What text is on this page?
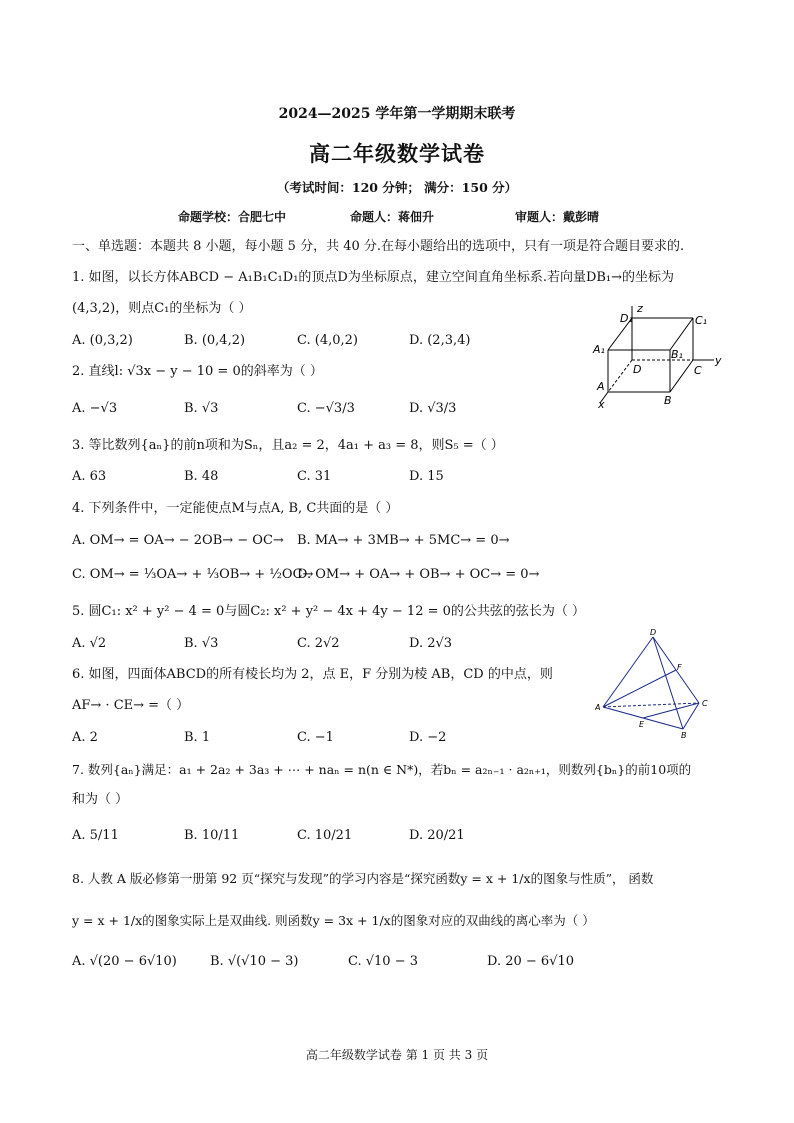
2024—2025 学年第一学期期末联考
高二年级数学试卷
（考试时间：120 分钟； 满分：150 分）
命题学校：合肥七中	命题人：蒋佃升	审题人：戴彭晴
一、单选题：本题共 8 小题，每小题 5 分，共 40 分.在每小题给出的选项中，只有一项是符合题目要求的.
1. 如图，以长方体ABCD − A₁B₁C₁D₁的顶点D为坐标原点，建立空间直角坐标系.若向量DB₁→的坐标为
(4,3,2)，则点C₁的坐标为（ ）
A. (0,3,2)	B. (0,4,2)	C. (4,0,2)	D. (2,3,4)
D₁
z
C₁
A₁	B₁	y
D	C
A
x	B
2. 直线l: √3x − y − 10 = 0的斜率为（ ）
A. −√3	B. √3	C. −√3/3	D. √3/3
3. 等比数列{aₙ}的前n项和为Sₙ，且a₂ = 2，4a₁ + a₃ = 8，则S₅ =（ ）
A. 63	B. 48	C. 31	D. 15
4. 下列条件中，一定能使点M与点A, B, C共面的是（ ）
A. OM→ = OA→ − 2OB→ − OC→ B. MA→ + 3MB→ + 5MC→ = 0→
C. OM→ = ⅓OA→ + ⅓OB→ + ½OC→
D. OM→ + OA→ + OB→ + OC→ = 0→
5. 圆C₁: x² + y² − 4 = 0与圆C₂: x² + y² − 4x + 4y − 12 = 0的公共弦的弦长为（ ）
A. √2	B. √3	C. 2√2	D. 2√3
D
F
A	C
E
B
6. 如图，四面体ABCD的所有棱长均为 2，点 E，F 分别为棱 AB，CD 的中点，则
AF→ · CE→ =（ ）
A. 2	B. 1	C. −1	D. −2
7. 数列{aₙ}满足：a₁ + 2a₂ + 3a₃ + ⋯ + naₙ = n(n ∈ N*)，若bₙ = a₂ₙ₋₁ · a₂ₙ₊₁，则数列{bₙ}的前10项的
和为（ ）
A. 5/11	B. 10/11	C. 10/21	D. 20/21
8. 人教 A 版必修第一册第 92 页“探究与发现”的学习内容是“探究函数y = x + 1/x的图象与性质”， 函数
y = x + 1/x的图象实际上是双曲线. 则函数y = 3x + 1/x的图象对应的双曲线的离心率为（ ）
A. √(20 − 6√10)	B. √(√10 − 3)	C. √10 − 3	D. 20 − 6√10
高二年级数学试卷 第 1 页 共 3 页
